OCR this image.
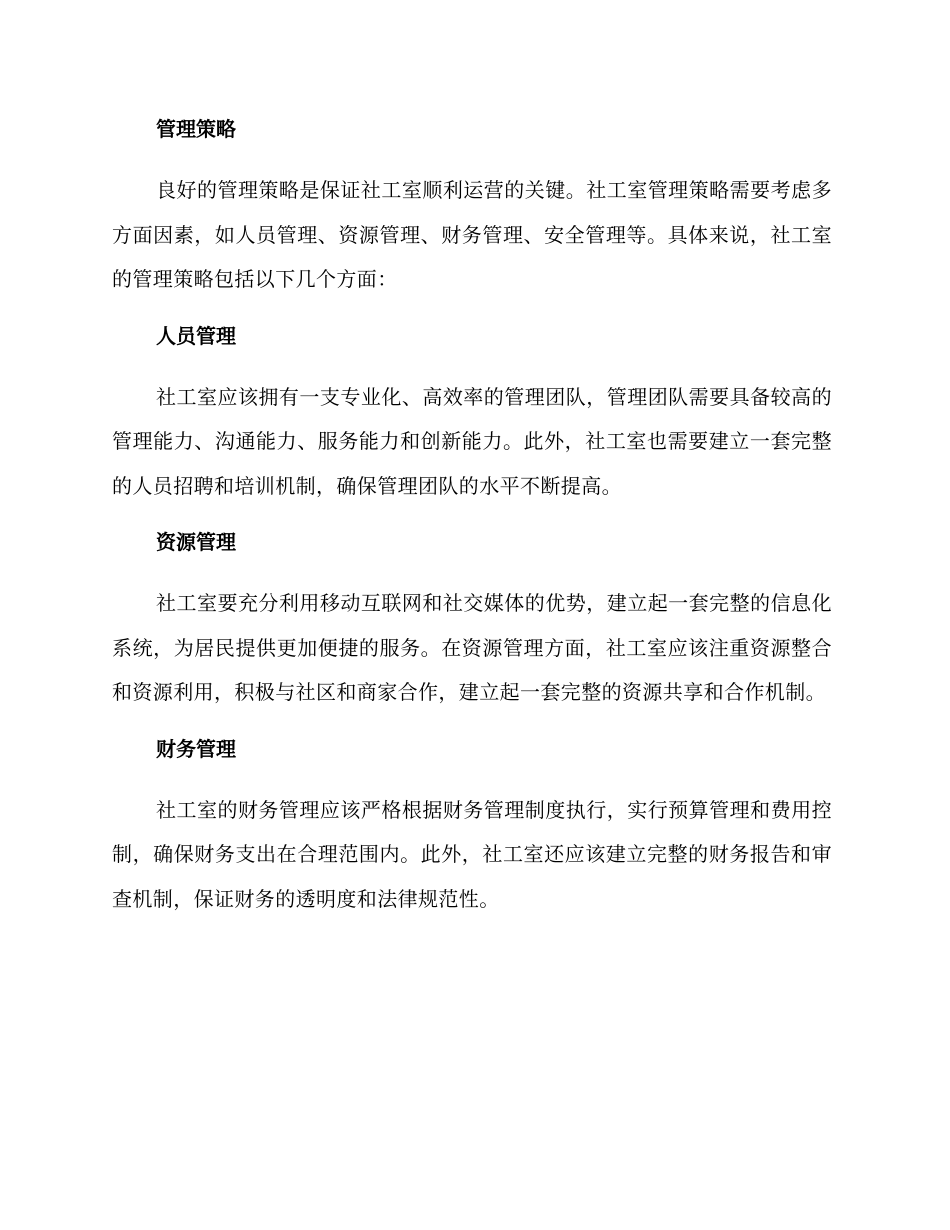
管理策略

良好的管理策略是保证社工室顺利运营的关键。社工室管理策略需要考虑多方面因素，如人员管理、资源管理、财务管理、安全管理等。具体来说，社工室的管理策略包括以下几个方面：

人员管理

社工室应该拥有一支专业化、高效率的管理团队，管理团队需要具备较高的管理能力、沟通能力、服务能力和创新能力。此外，社工室也需要建立一套完整的人员招聘和培训机制，确保管理团队的水平不断提高。

资源管理

社工室要充分利用移动互联网和社交媒体的优势，建立起一套完整的信息化系统，为居民提供更加便捷的服务。在资源管理方面，社工室应该注重资源整合和资源利用，积极与社区和商家合作，建立起一套完整的资源共享和合作机制。

财务管理

社工室的财务管理应该严格根据财务管理制度执行，实行预算管理和费用控制，确保财务支出在合理范围内。此外，社工室还应该建立完整的财务报告和审查机制，保证财务的透明度和法律规范性。
